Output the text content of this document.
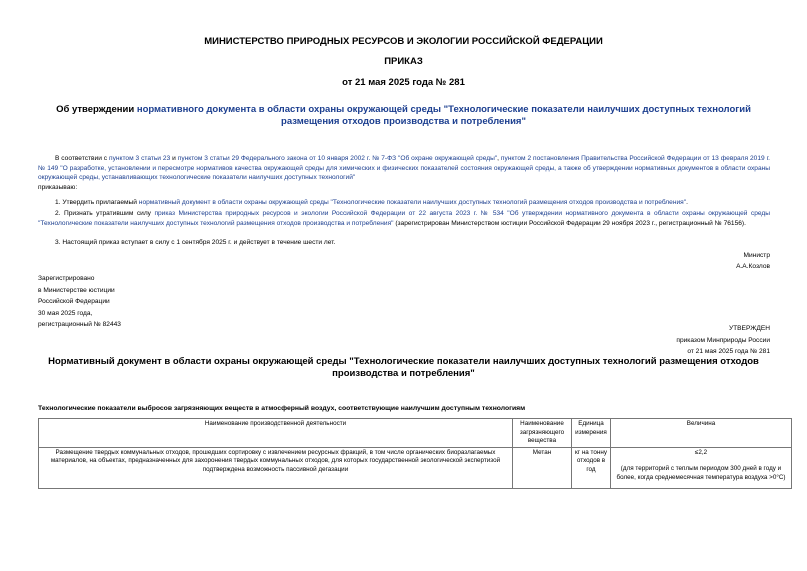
МИНИСТЕРСТВО ПРИРОДНЫХ РЕСУРСОВ И ЭКОЛОГИИ РОССИЙСКОЙ ФЕДЕРАЦИИ
ПРИКАЗ
от 21 мая 2025 года № 281
Об утверждении нормативного документа в области охраны окружающей среды "Технологические показатели наилучших доступных технологий размещения отходов производства и потребления"
В соответствии с пунктом 3 статьи 23 и пунктом 3 статьи 29 Федерального закона от 10 января 2002 г. № 7-ФЗ "Об охране окружающей среды", пунктом 2 постановления Правительства Российской Федерации от 13 февраля 2019 г. № 149 "О разработке, установлении и пересмотре нормативов качества окружающей среды для химических и физических показателей состояния окружающей среды, а также об утверждении нормативных документов в области охраны окружающей среды, устанавливающих технологические показатели наилучших доступных технологий"
приказываю:
1. Утвердить прилагаемый нормативный документ в области охраны окружающей среды "Технологические показатели наилучших доступных технологий размещения отходов производства и потребления".
2. Признать утратившим силу приказ Министерства природных ресурсов и экологии Российской Федерации от 22 августа 2023 г. № 534 "Об утверждении нормативного документа в области охраны окружающей среды "Технологические показатели наилучших доступных технологий размещения отходов производства и потребления" (зарегистрирован Министерством юстиции Российской Федерации 29 ноября 2023 г., регистрационный № 76156).
3. Настоящий приказ вступает в силу с 1 сентября 2025 г. и действует в течение шести лет.
Министр
А.А.Козлов
Зарегистрировано
в Министерстве юстиции
Российской Федерации
30 мая 2025 года,
регистрационный № 82443
УТВЕРЖДЕН
приказом Минприроды России
от 21 мая 2025 года № 281
Нормативный документ в области охраны окружающей среды "Технологические показатели наилучших доступных технологий размещения отходов производства и потребления"
Технологические показатели выбросов загрязняющих веществ в атмосферный воздух, соответствующие наилучшим доступным технологиям
Наименование производственной деятельности	Наименование загрязняющего вещества	Единица измерения	Величина
Размещение твердых коммунальных отходов, прошедших сортировку с извлечением ресурсных фракций, в том числе органических биоразлагаемых материалов, на объектах, предназначенных для захоронения твердых коммунальных отходов, для которых государственной экологической экспертизой подтверждена возможность пассивной дегазации	Метан	кг на тонну отходов в год	≤2,2
(для территорий с теплым периодом 300 дней в году и более, когда среднемесячная температура воздуха >0°C)
